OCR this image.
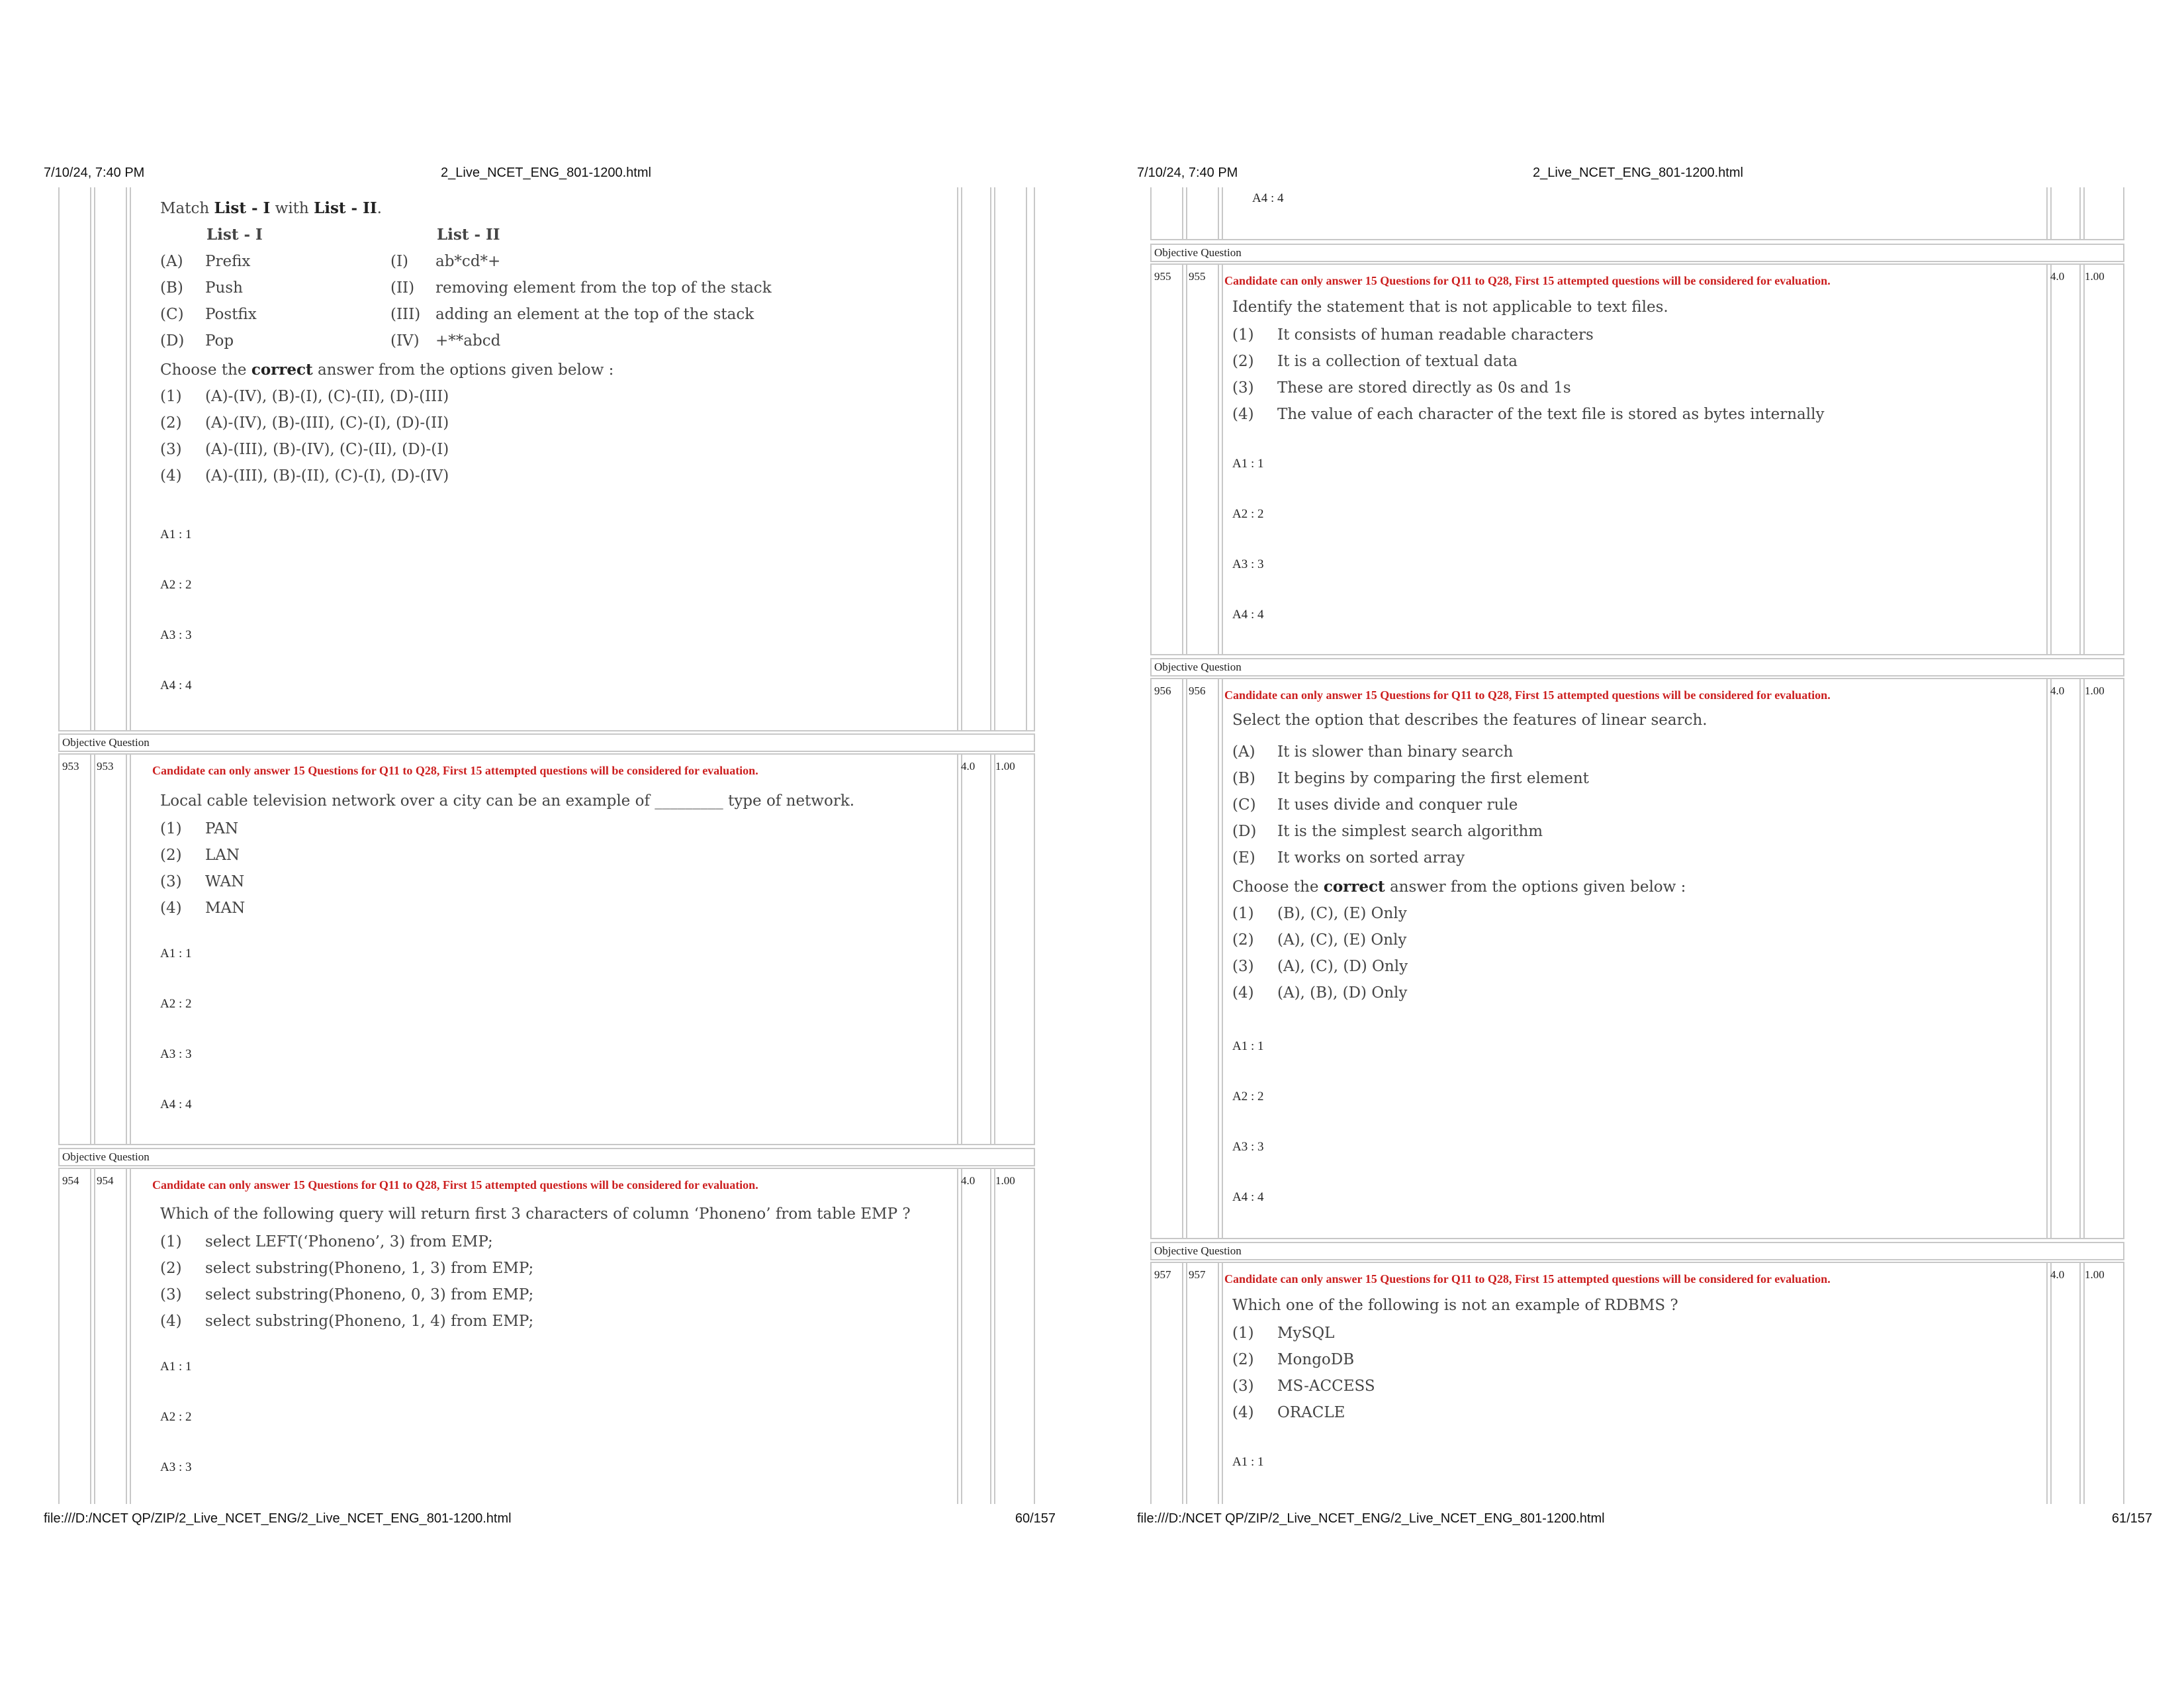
7/10/24, 7:40 PM	2_Live_NCET_ENG_801-1200.html
Match List - I with List - II.
List - I	List - II
(A)	Prefix	(I)	ab*cd*+
(B)	Push	(II)	removing element from the top of the stack
(C)	Postfix	(III) adding an element at the top of the stack
(D)	Pop	(IV)	+**abcd
Choose the correct answer from the options given below :
(1)	(A)-(IV), (B)-(I), (C)-(II), (D)-(III)
(2)	(A)-(IV), (B)-(III), (C)-(I), (D)-(II)
(3)	(A)-(III), (B)-(IV), (C)-(II), (D)-(I)
(4)	(A)-(III), (B)-(II), (C)-(I), (D)-(IV)
A1 : 1
A2 : 2
A3 : 3
A4 : 4
Objective Question
953 953	Candidate can only answer 15 Questions for Q11 to Q28, First 15 attempted questions will be considered for evaluation.	4.0 1.00
Local cable television network over a city can be an example of _________ type of network.
(1)	PAN
(2)	LAN
(3)	WAN
(4)	MAN
A1 : 1
A2 : 2
A3 : 3
A4 : 4
Objective Question
954 954	Candidate can only answer 15 Questions for Q11 to Q28, First 15 attempted questions will be considered for evaluation.	4.0 1.00
Which of the following query will return first 3 characters of column ‘Phoneno’ from table EMP ?
(1)	select LEFT(‘Phoneno’, 3) from EMP;
(2)	select substring(Phoneno, 1, 3) from EMP;
(3)	select substring(Phoneno, 0, 3) from EMP;
(4)	select substring(Phoneno, 1, 4) from EMP;
A1 : 1
A2 : 2
A3 : 3
file:///D:/NCET QP/ZIP/2_Live_NCET_ENG/2_Live_NCET_ENG_801-1200.html	60/157
7/10/24, 7:40 PM	2_Live_NCET_ENG_801-1200.html
A4 : 4
Objective Question
955 955 Candidate can only answer 15 Questions for Q11 to Q28, First 15 attempted questions will be considered for evaluation.	4.0 1.00
Identify the statement that is not applicable to text files.
(1)	It consists of human readable characters
(2)	It is a collection of textual data
(3)	These are stored directly as 0s and 1s
(4)	The value of each character of the text file is stored as bytes internally
A1 : 1
A2 : 2
A3 : 3
A4 : 4
Objective Question
956 956 Candidate can only answer 15 Questions for Q11 to Q28, First 15 attempted questions will be considered for evaluation.	4.0 1.00
Select the option that describes the features of linear search.
(A)	It is slower than binary search
(B)	It begins by comparing the first element
(C)	It uses divide and conquer rule
(D)	It is the simplest search algorithm
(E)	It works on sorted array
Choose the correct answer from the options given below :
(1)	(B), (C), (E) Only
(2)	(A), (C), (E) Only
(3)	(A), (C), (D) Only
(4)	(A), (B), (D) Only
A1 : 1
A2 : 2
A3 : 3
A4 : 4
Objective Question
957 957 Candidate can only answer 15 Questions for Q11 to Q28, First 15 attempted questions will be considered for evaluation.	4.0 1.00
Which one of the following is not an example of RDBMS ?
(1)	MySQL
(2)	MongoDB
(3)	MS-ACCESS
(4)	ORACLE
A1 : 1
file:///D:/NCET QP/ZIP/2_Live_NCET_ENG/2_Live_NCET_ENG_801-1200.html	61/157
